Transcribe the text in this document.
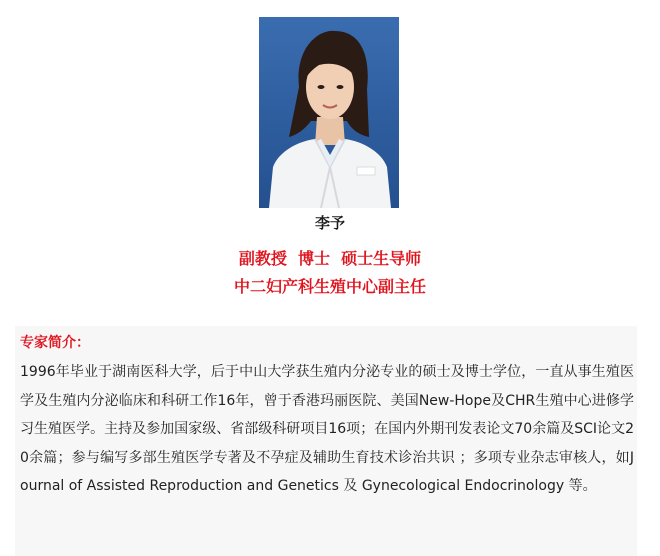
李予
副教授  博士  硕士生导师
中二妇产科生殖中心副主任
专家简介：
1996年毕业于湖南医科大学，后于中山大学获生殖内分泌专业的硕士及博士学位，一直从事生殖医学及生殖内分泌临床和科研工作16年，曾于香港玛丽医院、美国New-Hope及CHR生殖中心进修学习生殖医学。主持及参加国家级、省部级科研项目16项；在国内外期刊发表论文70余篇及SCI论文20余篇；参与编写多部生殖医学专著及不孕症及辅助生育技术诊治共识 ；多项专业杂志审核人，如Journal of Assisted Reproduction and Genetics 及 Gynecological Endocrinology 等。
